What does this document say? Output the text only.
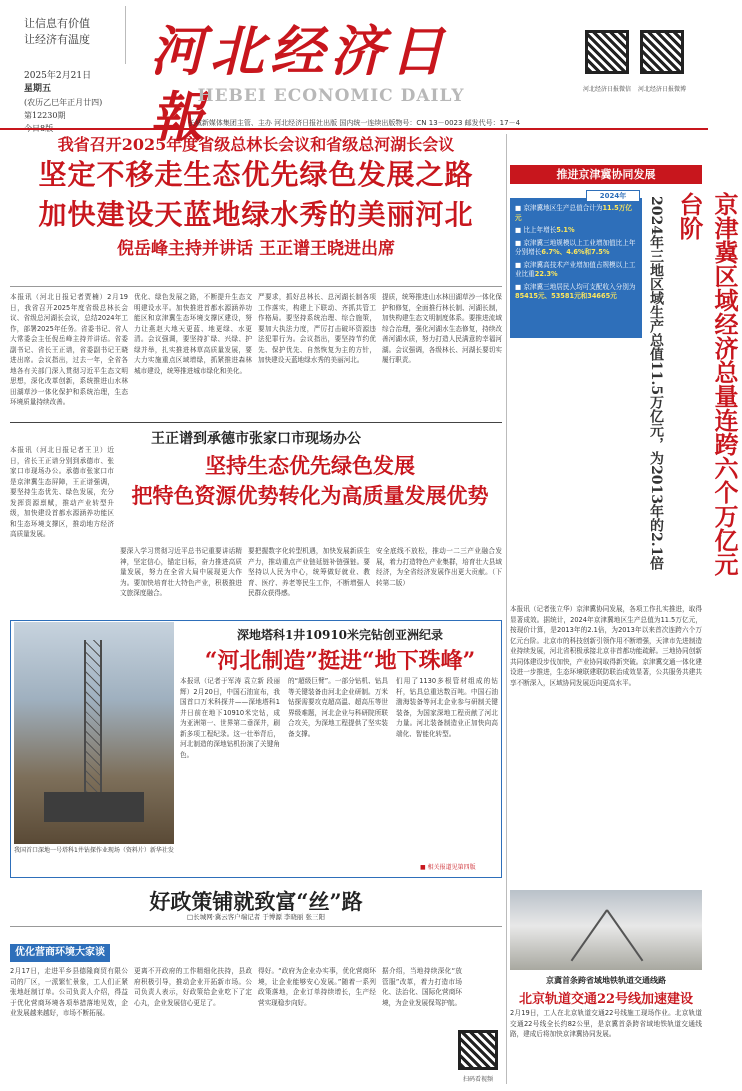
让信息有价值
让经济有温度
2025年2月21日
星期五
(农历乙巳年正月廿四)
第12230期
今日8版
河北经济日報
HEBEI ECONOMIC DAILY	河北经济日报微信	河北经济日报微博
长城新媒体集团主管、主办 河北经济日报社出版 国内统一连续出版物号：CN 13－0023 邮发代号：17－4
我省召开2025年度省级总林长会议和省级总河湖长会议
坚定不移走生态优先绿色发展之路
加快建设天蓝地绿水秀的美丽河北
倪岳峰主持并讲话 王正谱王晓进出席
本报讯（河北日报记者贾楠）2月19日，我省召开2025年度省级总林长会议、省级总河湖长会议，总结2024年工作，部署2025年任务。省委书记、省人大常委会主任倪岳峰主持并讲话。省委副书记、省长王正谱，省委副书记王晓进出席。会议指出，过去一年，全省各地各有关部门深入贯彻习近平生态文明思想，深化改革创新，系统推进山水林田湖草沙一体化保护和系统治理，生态环境质量持续改善。
优化、绿色发展之路，不断提升生态文明建设水平。加快推进首都水源涵养功能区和京津冀生态环境支撑区建设，努力让燕赵大地天更蓝、地更绿、水更清。会议强调，要坚持扩绿、兴绿、护绿并举，扎实推进林草高质量发展，要大力实施重点区域增绿，抓紧推进森林城市建设，统筹推进城市绿化和美化。
严要求，抓好总林长、总河湖长制各项工作落实，构建上下联动、齐抓共管工作格局。要坚持系统治理、综合施策，要加大执法力度，严厉打击破坏资源违法犯罪行为。会议指出，要坚持节约优先、保护优先、自然恢复为主的方针，加快建设天蓝地绿水秀的美丽河北。
提质，统筹推进山水林田湖草沙一体化保护和修复，全面推行林长制、河湖长制，加快构建生态文明制度体系。要推进流域综合治理，强化河湖水生态修复，持续改善河湖水质，努力打造人民满意的幸福河湖。会议强调，各级林长、河湖长要切实履行职责。
王正谱到承德市张家口市现场办公
坚持生态优先绿色发展
把特色资源优势转化为高质量发展优势
本报讯（河北日报记者王卫）近日，省长王正谱分别到承德市、张家口市现场办公。承德市张家口市是京津冀生态屏障，王正谱强调，要坚持生态优先、绿色发展，充分发挥资源禀赋，推动产业转型升级，加快建设首都水源涵养功能区和生态环境支撑区，推动地方经济高质量发展。
要深入学习贯彻习近平总书记重要讲话精神，坚定信心，锚定目标，奋力推进高质量发展，努力在全省大局中展现更大作为。要加快培育壮大特色产业，积极推进文旅深度融合。
要把握数字化转型机遇，加快发展新质生产力，推动重点产业链延链补链强链。要坚持以人民为中心，统筹做好就业、教育、医疗、养老等民生工作，不断增强人民群众获得感。
安全底线不放松，推动一二三产业融合发展，着力打造特色产业集群，培育壮大县域经济，为全省经济发展作出更大贡献。（下转第二版）
我国首口深地一号塔科1井钻探作业现场（资料片）新华社发
深地塔科1井10910米完钻创亚洲纪录
“河北制造”挺进“地下珠峰”
本报讯（记者于军涛 袁立新 段丽辉）2月20日，中国石油宣布，我国首口万米科探井——深地塔科1井日前在地下10910米完钻，成为亚洲第一、世界第二垂深井，刷新多项工程纪录。这一壮举背后，河北制造的深地钻机扮演了关键角色。
的“超级巨臂”。一部分钻机、钻具等关键装备由河北企业研制。万米钻探需要攻克超高温、超高压等世界级难题，河北企业与科研院所联合攻关，为深地工程提供了坚实装备支撑。
们用了1130多根管材组成的钻杆，钻具总重达数百吨。中国石油渤海装备等河北企业参与研制关键装备，为国家深地工程贡献了河北力量。河北装备制造业正加快向高端化、智能化转型。
■ 相关报道见第四版
好政策铺就致富“丝”路
□长城网·冀云客户端记者 于博源 李晓丽 张三阳
优化营商环境大家谈
2月17日，走进平乡县德隆商贸有限公司的厂区，一派繁忙景象，工人们正紧张地赶制订单。公司负责人介绍，得益于优化营商环境各项举措落地见效，企业发展越来越好，市场不断拓展。
更离不开政府的工作精细化扶持，县政府积极引导，推动企业开拓新市场。公司负责人表示，好政策给企业吃下了定心丸，企业发展信心更足了。
得好。“政府为企业办实事，优化营商环境，让企业能够安心发展。”随着一系列政策落地，企业订单持续增长，生产经营实现稳步向好。
据介绍，当地持续深化“放管服”改革，着力打造市场化、法治化、国际化营商环境，为企业发展保驾护航。
扫码看视频
推进京津冀协同发展
■ 京津冀地区生产总值合计为11.5万亿元
■ 比上年增长5.1%
■ 京津冀三地规模以上工业增加值比上年分别增长6.7%、4.6%和7.5%
■ 京津冀高技术产业增加值占规模以上工业比重22.3%
■ 京津冀三地居民人均可支配收入分别为85415元、53581元和34665元
2024年	京津冀区域经济总量连跨六个万亿元台阶
2024年三地区域生产总值11.5万亿元，为2013年的2.1倍
本报讯（记者张立华）京津冀协同发展，各项工作扎实推进，取得显著成效。据统计，2024年京津冀地区生产总值为11.5万亿元，按现价计算，是2013年的2.1倍，为2013年以来首次连跨六个万亿元台阶。北京市的科技创新引领作用不断增强，天津市先进制造业持续发展，河北省积极承接北京非首都功能疏解。三地协同创新共同体建设步伐加快，产业协同取得新突破。京津冀交通一体化建设进一步推进，生态环境联建联防联治成效显著，公共服务共建共享不断深入，区域协同发展迈向更高水平。
京冀首条跨省域地铁轨道交通线路
北京轨道交通22号线加速建设
2月19日，工人在北京轨道交通22号线施工现场作业。北京轨道交通22号线全长约82公里，是京冀首条跨省域地铁轨道交通线路，建成后将加快京津冀协同发展。
